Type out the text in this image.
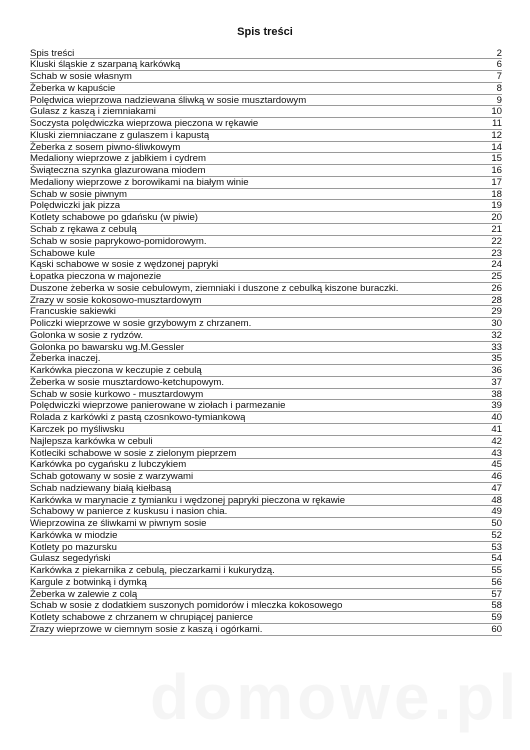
Spis treści
Spis treści	2
Kluski śląskie z szarpaną karkówką	6
Schab w sosie własnym	7
Żeberka w kapuście	8
Polędwica wieprzowa nadziewana śliwką w sosie musztardowym	9
Gulasz z kaszą i ziemniakami	10
Soczysta polędwiczka wieprzowa pieczona w rękawie	11
Kluski ziemniaczane z gulaszem i kapustą	12
Żeberka z sosem piwno-śliwkowym	14
Medaliony wieprzowe z jabłkiem i cydrem	15
Świąteczna szynka glazurowana miodem	16
Medaliony wieprzowe z borowikami na białym winie	17
Schab w sosie piwnym	18
Polędwiczki jak pizza	19
Kotlety schabowe po gdańsku (w piwie)	20
Schab z rękawa z cebulą	21
Schab w sosie paprykowo-pomidorowym.	22
Schabowe kule	23
Kąski schabowe w sosie z wędzonej papryki	24
Łopatka pieczona w majonezie	25
Duszone żeberka w sosie cebulowym, ziemniaki i duszone z cebulką kiszone buraczki.	26
Zrazy w sosie kokosowo-musztardowym	28
Francuskie sakiewki	29
Policzki wieprzowe w sosie grzybowym z chrzanem.	30
Golonka w sosie z rydzów.	32
Golonka po bawarsku wg.M.Gessler	33
Żeberka inaczej.	35
Karkówka pieczona w keczupie z cebulą	36
Żeberka w sosie musztardowo-ketchupowym.	37
Schab w sosie kurkowo - musztardowym	38
Polędwiczki wieprzowe panierowane w ziołach i parmezanie	39
Rolada z karkówki z pastą czosnkowo-tymiankową	40
Karczek po myśliwsku	41
Najlepsza karkówka w cebuli	42
Kotleciki schabowe w sosie z zielonym pieprzem	43
Karkówka po cygańsku z lubczykiem	45
Schab gotowany w sosie z warzywami	46
Schab nadziewany białą kiełbasą	47
Karkówka w marynacie z tymianku i wędzonej papryki pieczona w rękawie	48
Schabowy w panierce z kuskusu i nasion chia.	49
Wieprzowina ze śliwkami w piwnym sosie	50
Karkówka w miodzie	52
Kotlety po mazursku	53
Gulasz segedyński	54
Karkówka z piekarnika z cebulą, pieczarkami i kukurydzą.	55
Kargule z botwinką i dymką	56
Żeberka w zalewie z colą	57
Schab w sosie z dodatkiem suszonych pomidorów i mleczka kokosowego	58
Kotlety schabowe z chrzanem w chrupiącej panierce	59
Zrazy wieprzowe w ciemnym sosie z kaszą i ogórkami.	60
